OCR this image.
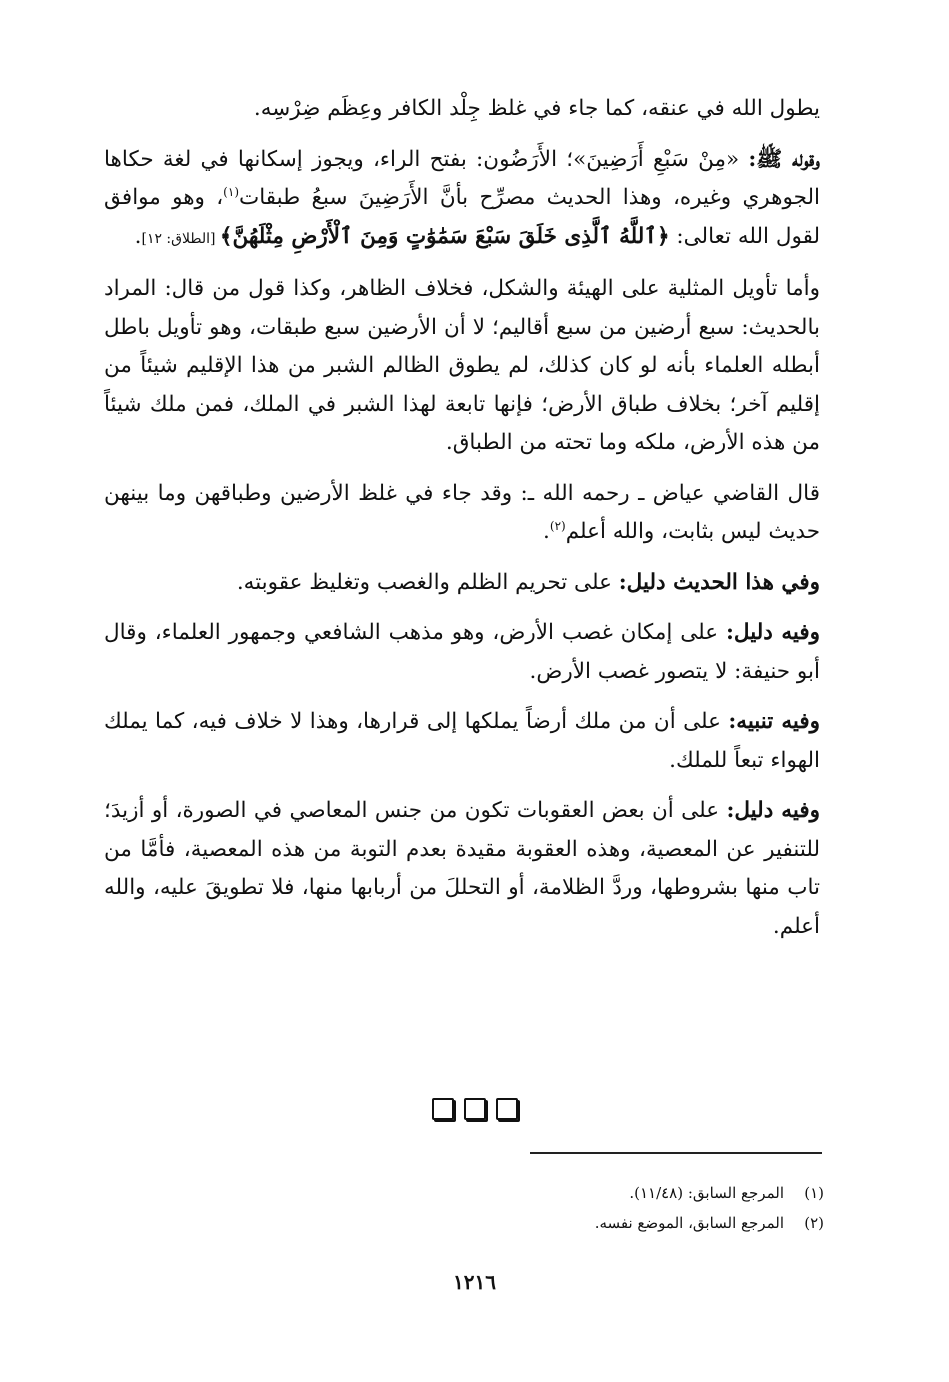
يطول الله في عنقه، كما جاء في غلظ جِلْد الكافر وعِظَم ضِرْسِه.

وقوله ﷺ: «مِنْ سَبْعِ أَرَضِينَ»؛ الأَرَضُون: بفتح الراء، ويجوز إسكانها في لغة حكاها الجوهري وغيره، وهذا الحديث مصرِّح بأنَّ الأَرَضِينَ سبعُ طبقات$^{(١)}$، وهو موافق لقول الله تعالى: ﴿ٱللَّهُ ٱلَّذِى خَلَقَ سَبْعَ سَمَٰوَٰتٍ وَمِنَ ٱلْأَرْضِ مِثْلَهُنَّ﴾ [الطلاق: ١٢].

وأما تأويل المثلية على الهيئة والشكل، فخلاف الظاهر، وكذا قول من قال: المراد بالحديث: سبع أرضين من سبع أقاليم؛ لا أن الأرضين سبع طبقات، وهو تأويل باطل أبطله العلماء بأنه لو كان كذلك، لم يطوق الظالم الشبر من هذا الإقليم شيئاً من إقليم آخر؛ بخلاف طباق الأرض؛ فإنها تابعة لهذا الشبر في الملك، فمن ملك شيئاً من هذه الأرض، ملكه وما تحته من الطباق.

قال القاضي عياض ـ رحمه الله ـ: وقد جاء في غلظ الأرضين وطباقهن وما بينهن حديث ليس بثابت، والله أعلم$^{(٢)}$.

وفي هذا الحديث دليل: على تحريم الظلم والغصب وتغليظ عقوبته.

وفيه دليل: على إمكان غصب الأرض، وهو مذهب الشافعي وجمهور العلماء، وقال أبو حنيفة: لا يتصور غصب الأرض.

وفيه تنبيه: على أن من ملك أرضاً يملكها إلى قرارها، وهذا لا خلاف فيه، كما يملك الهواء تبعاً للملك.

وفيه دليل: على أن بعض العقوبات تكون من جنس المعاصي في الصورة، أو أزيدَ؛ للتنفير عن المعصية، وهذه العقوبة مقيدة بعدم التوبة من هذه المعصية، فأمَّا من تاب منها بشروطها، وردَّ الظلامة، أو التحللَ من أربابها منها، فلا تطويقَ عليه، والله أعلم.

(١)المرجع السابق: (١١/٤٨).
(٢)المرجع السابق، الموضع نفسه.
١٢١٦
